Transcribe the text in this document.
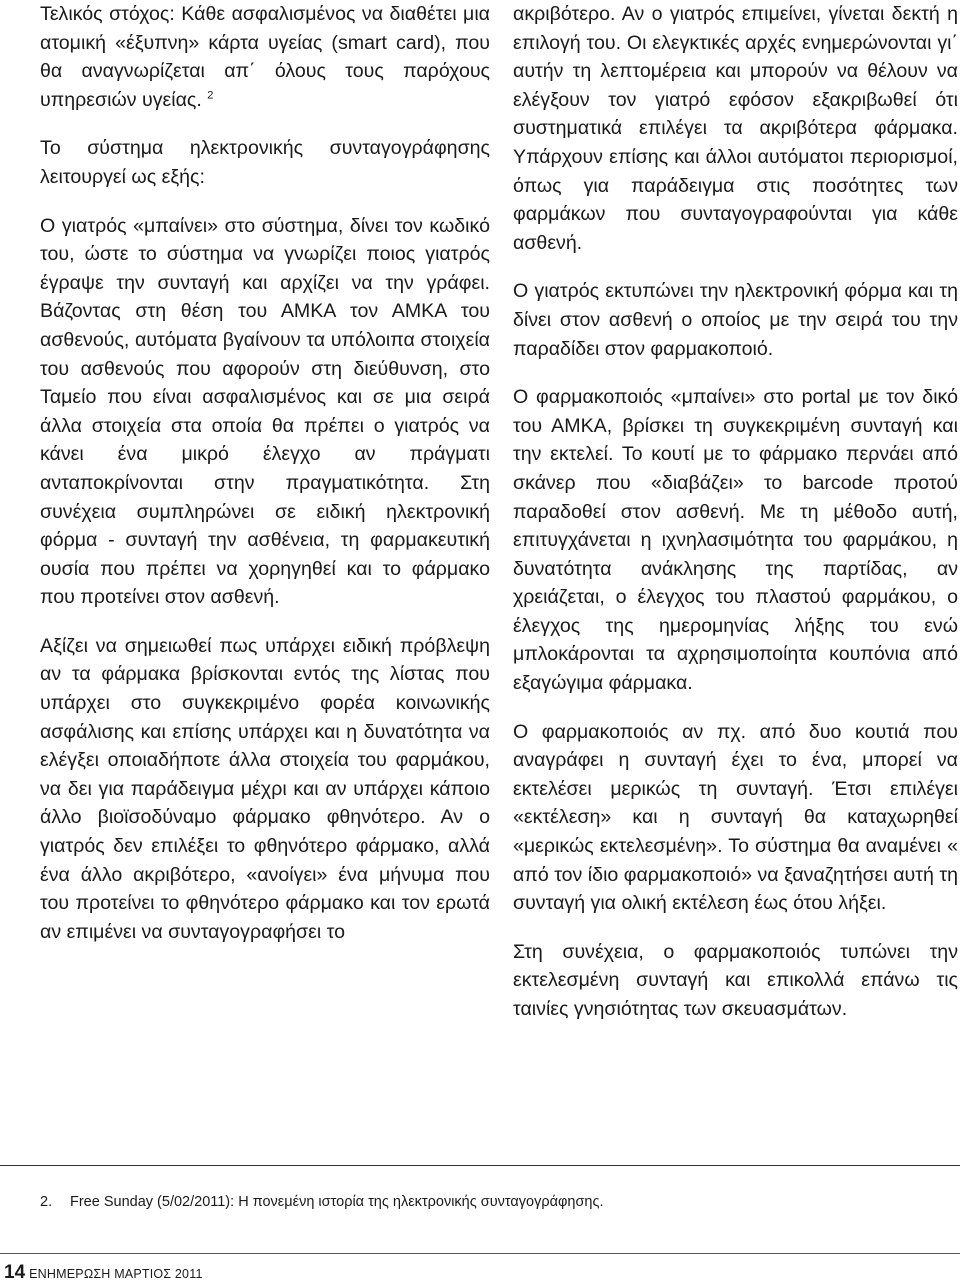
Τελικός στόχος: Κάθε ασφαλισμένος να διαθέτει μια ατομική «έξυπνη» κάρτα υγείας (smart card), που θα αναγνωρίζεται απ΄ όλους τους παρόχους υπηρεσιών υγείας. $^2$

Το σύστημα ηλεκτρονικής συνταγογράφησης λειτουργεί ως εξής:

Ο γιατρός «μπαίνει» στο σύστημα, δίνει τον κωδικό του, ώστε το σύστημα να γνωρίζει ποιος γιατρός έγραψε την συνταγή και αρχίζει να την γράφει. Βάζοντας στη θέση του ΑΜΚΑ τον ΑΜΚΑ του ασθενούς, αυτόματα βγαίνουν τα υπόλοιπα στοιχεία του ασθενούς που αφορούν στη διεύθυνση, στο Ταμείο που είναι ασφαλισμένος και σε μια σειρά άλλα στοιχεία στα οποία θα πρέπει ο γιατρός να κάνει ένα μικρό έλεγχο αν πράγματι ανταποκρίνονται στην πραγματικότητα. Στη συνέχεια συμπληρώνει σε ειδική ηλεκτρονική φόρμα - συνταγή την ασθένεια, τη φαρμακευτική ουσία που πρέπει να χορηγηθεί και το φάρμακο που προτείνει στον ασθενή.

Αξίζει να σημειωθεί πως υπάρχει ειδική πρόβλεψη αν τα φάρμακα βρίσκονται εντός της λίστας που υπάρχει στο συγκεκριμένο φορέα κοινωνικής ασφάλισης και επίσης υπάρχει και η δυνατότητα να ελέγξει οποιαδήποτε άλλα στοιχεία του φαρμάκου, να δει για παράδειγμα μέχρι και αν υπάρχει κάποιο άλλο βιοϊσοδύναμο φάρμακο φθηνότερο. Αν ο γιατρός δεν επιλέξει το φθηνότερο φάρμακο, αλλά ένα άλλο ακριβότερο, «ανοίγει» ένα μήνυμα που του προτείνει το φθηνότερο φάρμακο και τον ερωτά αν επιμένει να συνταγογραφήσει το

ακριβότερο. Αν ο γιατρός επιμείνει, γίνεται δεκτή η επιλογή του. Οι ελεγκτικές αρχές ενημερώνονται γι΄ αυτήν τη λεπτομέρεια και μπορούν να θέλουν να ελέγξουν τον γιατρό εφόσον εξακριβωθεί ότι συστηματικά επιλέγει τα ακριβότερα φάρμακα. Υπάρχουν επίσης και άλλοι αυτόματοι περιορισμοί, όπως για παράδειγμα στις ποσότητες των φαρμάκων που συνταγογραφούνται για κάθε ασθενή.

Ο γιατρός εκτυπώνει την ηλεκτρονική φόρμα και τη δίνει στον ασθενή ο οποίος με την σειρά του την παραδίδει στον φαρμακοποιό.

Ο φαρμακοποιός «μπαίνει» στο portal με τον δικό του ΑΜΚΑ, βρίσκει τη συγκεκριμένη συνταγή και την εκτελεί. Το κουτί με το φάρμακο περνάει από σκάνερ που «διαβάζει» το barcode προτού παραδοθεί στον ασθενή. Με τη μέθοδο αυτή, επιτυγχάνεται η ιχνηλασιμότητα του φαρμάκου, η δυνατότητα ανάκλησης της παρτίδας, αν χρειάζεται, ο έλεγχος του πλαστού φαρμάκου, ο έλεγχος της ημερομηνίας λήξης του ενώ μπλοκάρονται τα αχρησιμοποίητα κουπόνια από εξαγώγιμα φάρμακα.

Ο φαρμακοποιός αν πχ. από δυο κουτιά που αναγράφει η συνταγή έχει το ένα, μπορεί να εκτελέσει μερικώς τη συνταγή. Έτσι επιλέγει «εκτέλεση» και η συνταγή θα καταχωρηθεί «μερικώς εκτελεσμένη». Το σύστημα θα αναμένει « από τον ίδιο φαρμακοποιό» να ξαναζητήσει αυτή τη συνταγή για ολική εκτέλεση έως ότου λήξει.

Στη συνέχεια, ο φαρμακοποιός τυπώνει την εκτελεσμένη συνταγή και επικολλά επάνω τις ταινίες γνησιότητας των σκευασμάτων.

2. Free Sunday (5/02/2011): Η πονεμένη ιστορία της ηλεκτρονικής συνταγογράφησης.
14 ΕΝΗΜΕΡΩΣΗ ΜΑΡΤΙΟΣ 2011
